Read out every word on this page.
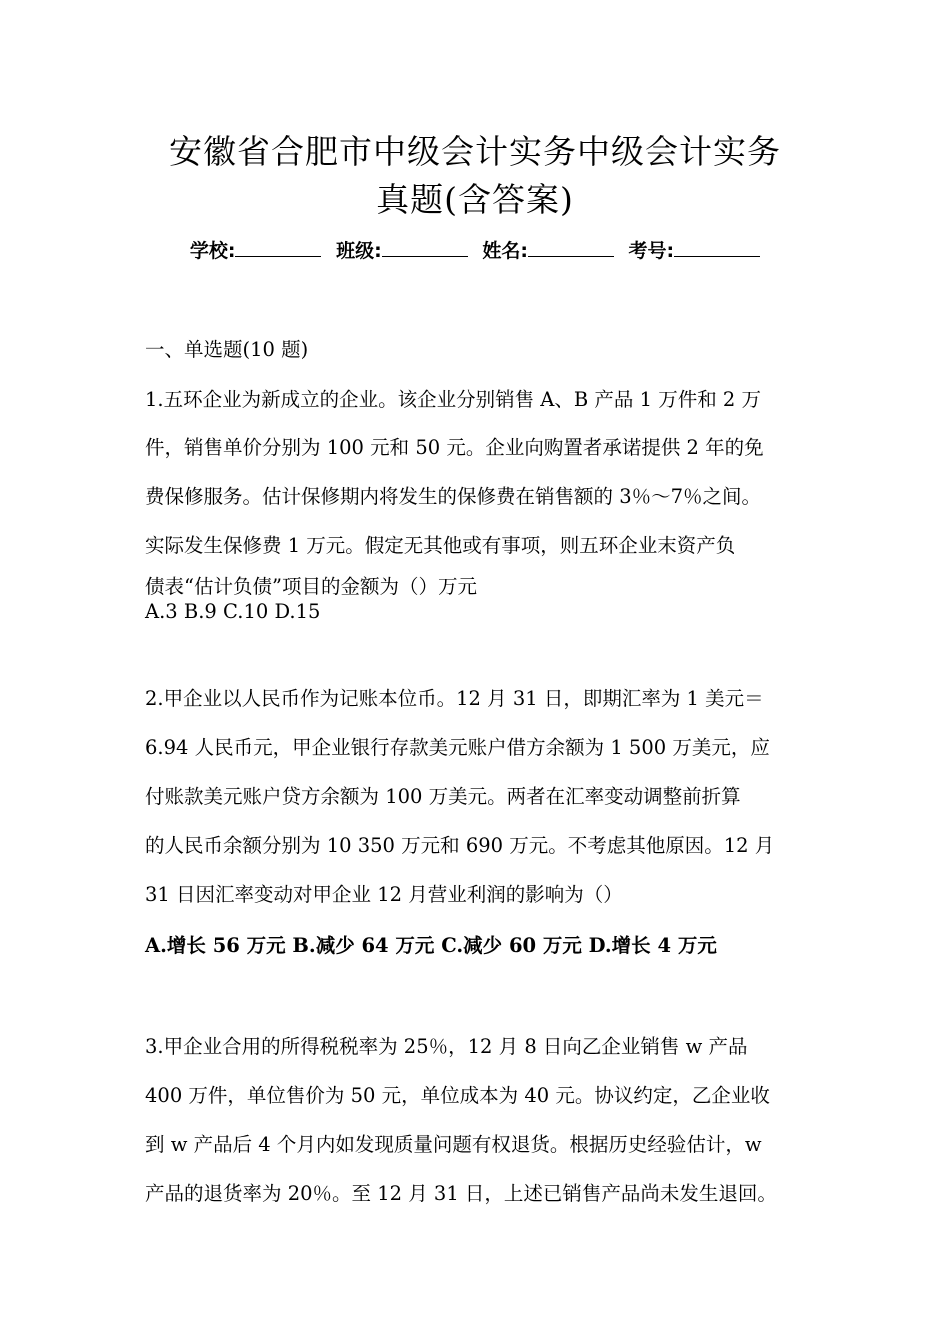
安徽省合肥市中级会计实务中级会计实务
真题(含答案)
学校:	班级:	姓名:	考号:
一、单选题(10 题)
1.五环企业为新成立的企业。该企业分别销售 A、B 产品 1 万件和 2 万
件，销售单价分别为 100 元和 50 元。企业向购置者承诺提供 2 年的免
费保修服务。估计保修期内将发生的保修费在销售额的 3％～7％之间。
实际发生保修费 1 万元。假定无其他或有事项，则五环企业末资产负
债表“估计负债”项目的金额为（）万元
A.3 B.9 C.10 D.15
2.甲企业以人民币作为记账本位币。12 月 31 日，即期汇率为 1 美元＝
6.94 人民币元，甲企业银行存款美元账户借方余额为 1 500 万美元，应
付账款美元账户贷方余额为 100 万美元。两者在汇率变动调整前折算
的人民币余额分别为 10 350 万元和 690 万元。不考虑其他原因。12 月
31 日因汇率变动对甲企业 12 月营业利润的影响为（）
A.增长 56 万元 B.减少 64 万元 C.减少 60 万元 D.增长 4 万元
3.甲企业合用的所得税税率为 25％，12 月 8 日向乙企业销售 w 产品
400 万件，单位售价为 50 元，单位成本为 40 元。协议约定，乙企业收
到 w 产品后 4 个月内如发现质量问题有权退货。根据历史经验估计，w
产品的退货率为 20％。至 12 月 31 日，上述已销售产品尚未发生退回。
